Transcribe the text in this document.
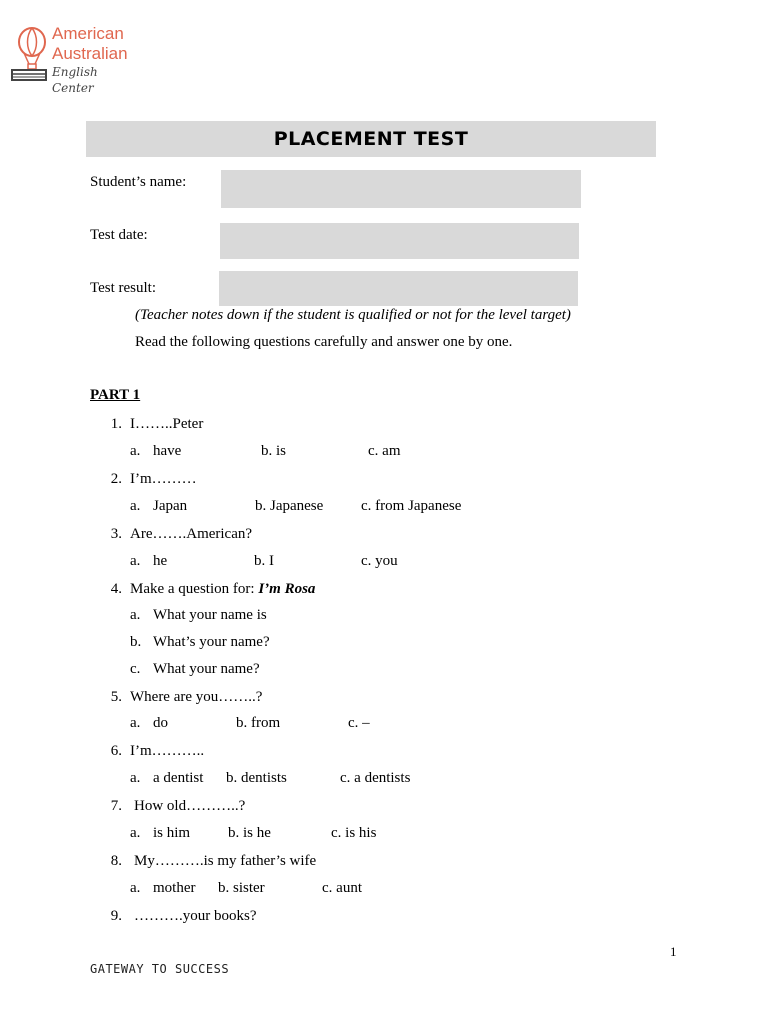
American
Australian
English Center
PLACEMENT TEST
Student’s name:
Test date:
Test result:
(Teacher notes down if the student is qualified or not for the level target)
Read the following questions carefully and answer one by one.
PART 1
1. I……..Peter
a. have	b. is	c. am
2. I’m………
a. Japan	b. Japanese	c. from Japanese
3. Are…….American?
a. he	b. I	c. you
4. Make a question for: I’m Rosa
a. What your name is
b. What’s your name?
c. What your name?
5. Where are you……..?
a. do	b. from	c. –
6. I’m………..
a. a dentist b. dentists	c. a dentists
7. How old………..?
a. is him	b. is he	c. is his
8. My……….is my father’s wife
a. mother b. sister	c. aunt
9. ……….your books?
1
GATEWAY TO SUCCESS
